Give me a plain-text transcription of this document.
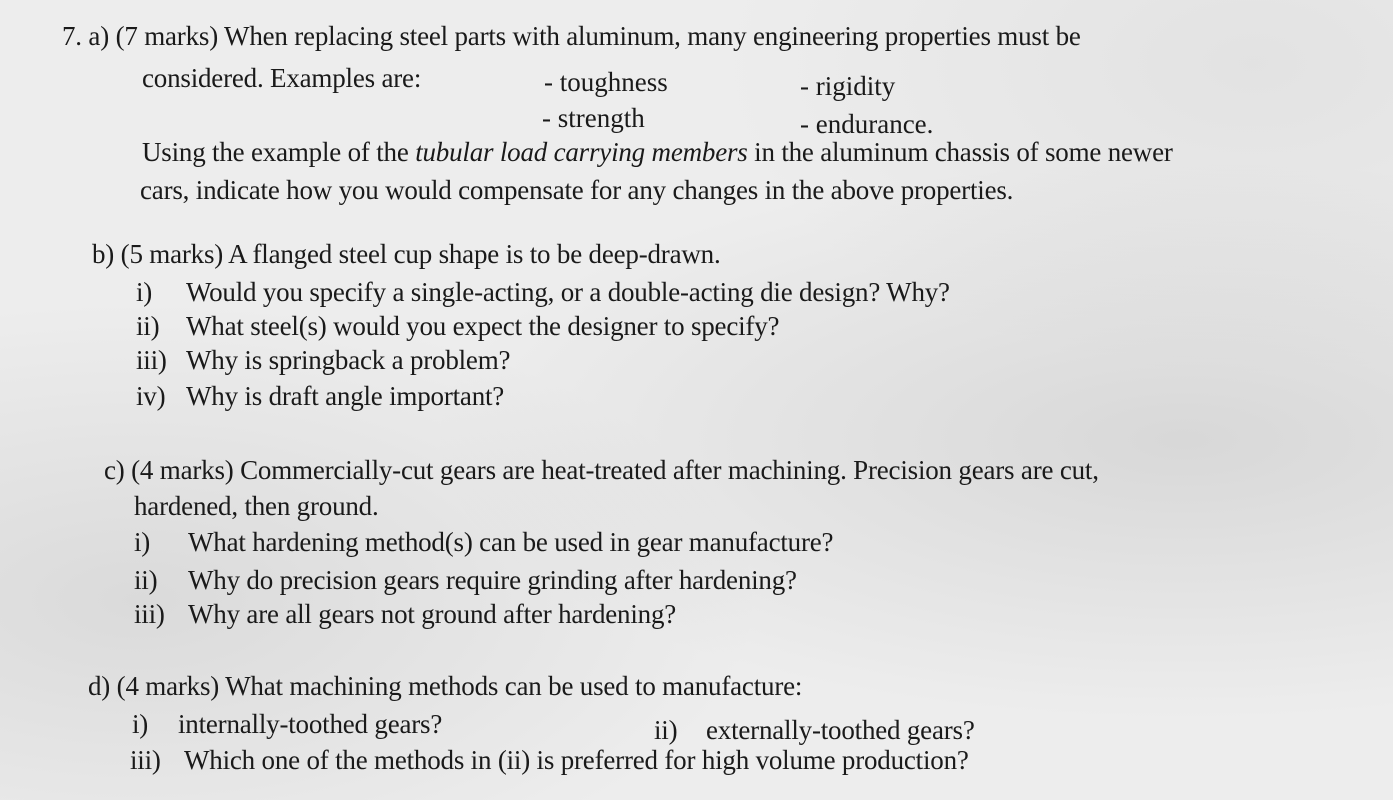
7. a) (7 marks) When replacing steel parts with aluminum, many engineering properties must be
considered. Examples are:	- toughness	- rigidity
- strength	- endurance.
Using the example of the tubular load carrying members in the aluminum chassis of some newer
cars, indicate how you would compensate for any changes in the above properties.
b) (5 marks) A flanged steel cup shape is to be deep-drawn.
i) Would you specify a single-acting, or a double-acting die design? Why?
ii) What steel(s) would you expect the designer to specify?
iii) Why is springback a problem?
iv) Why is draft angle important?
c) (4 marks) Commercially-cut gears are heat-treated after machining. Precision gears are cut,
hardened, then ground.
i) What hardening method(s) can be used in gear manufacture?
ii) Why do precision gears require grinding after hardening?
iii) Why are all gears not ground after hardening?
d) (4 marks) What machining methods can be used to manufacture:
i) internally-toothed gears?	ii) externally-toothed gears?
iii) Which one of the methods in (ii) is preferred for high volume production?
